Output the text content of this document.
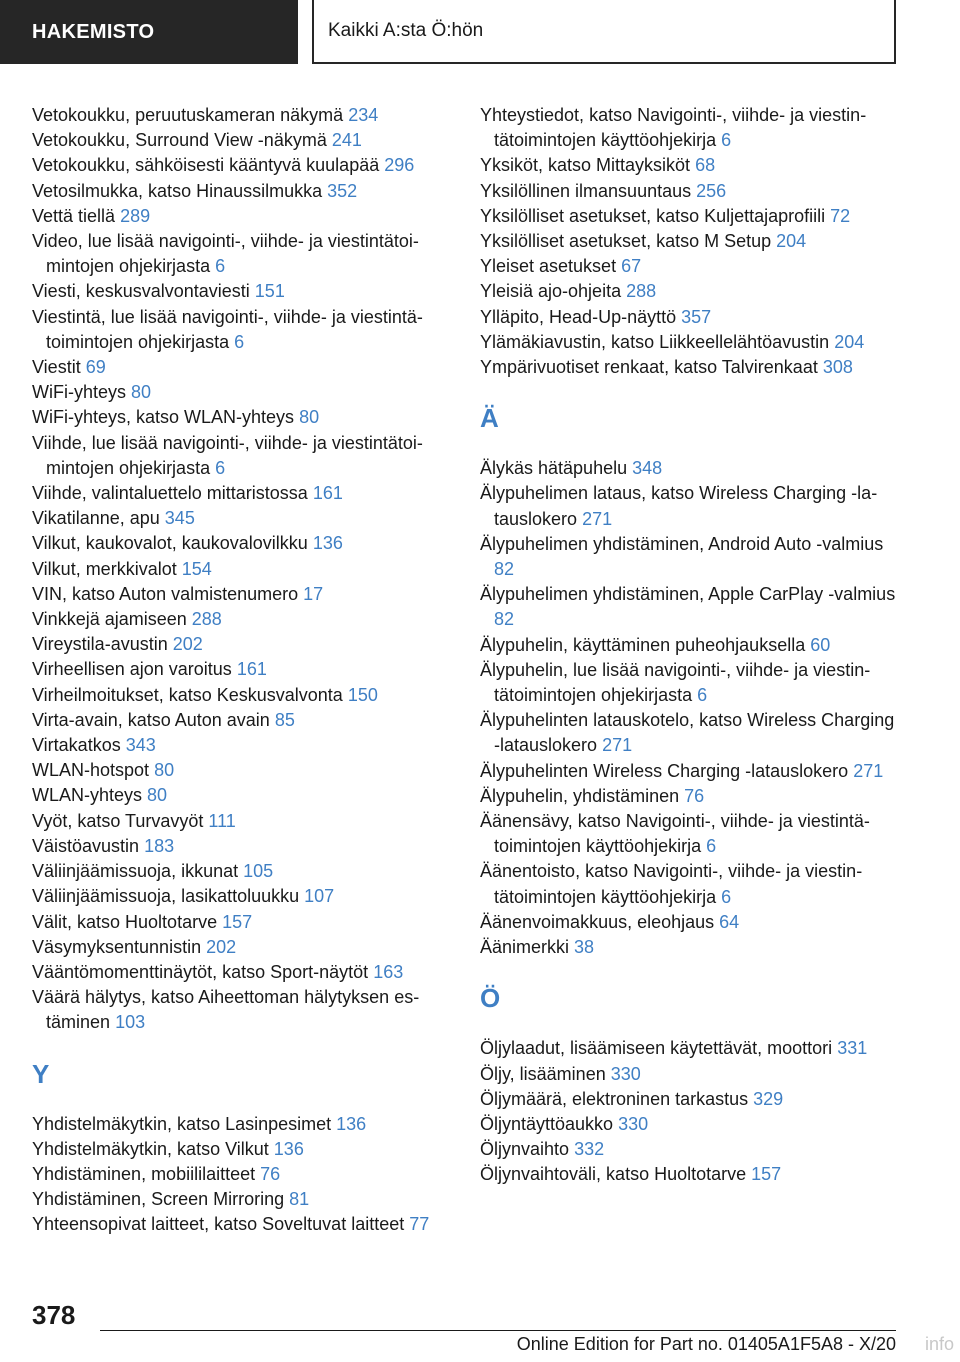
HAKEMISTO	Kaikki A:sta Ö:hön

Vetokoukku, peruutuskameran näkymä 234

Vetokoukku, Surround View ‑näkymä 241

Vetokoukku, sähköisesti kääntyvä kuulapää 296

Vetosilmukka, katso Hinaussilmukka 352

Vettä tiellä 289

Video, lue lisää navigointi-, viihde- ja viestintätoimintojen ohjekirjasta 6

Viesti, keskusvalvontaviesti 151

Viestintä, lue lisää navigointi-, viihde- ja viestintätoimintojen ohjekirjasta 6

Viestit 69

WiFi-yhteys 80

WiFi-yhteys, katso WLAN-yhteys 80

Viihde, lue lisää navigointi-, viihde- ja viestintätoimintojen ohjekirjasta 6

Viihde, valintaluettelo mittaristossa 161

Vikatilanne, apu 345

Vilkut, kaukovalot, kaukovalovilkku 136

Vilkut, merkkivalot 154

VIN, katso Auton valmistenumero 17

Vinkkejä ajamiseen 288

Vireystila-avustin 202

Virheellisen ajon varoitus 161

Virheilmoitukset, katso Keskusvalvonta 150

Virta-avain, katso Auton avain 85

Virtakatkos 343

WLAN-hotspot 80

WLAN-yhteys 80

Vyöt, katso Turvavyöt 111

Väistöavustin 183

Väliinjäämissuoja, ikkunat 105

Väliinjäämissuoja, lasikattoluukku 107

Välit, katso Huoltotarve 157

Väsymyksentunnistin 202

Vääntömomenttinäytöt, katso Sport-näytöt 163

Väärä hälytys, katso Aiheettoman hälytyksen estäminen 103

Y

Yhdistelmäkytkin, katso Lasinpesimet 136

Yhdistelmäkytkin, katso Vilkut 136

Yhdistäminen, mobiililaitteet 76

Yhdistäminen, Screen Mirroring 81

Yhteensopivat laitteet, katso Soveltuvat laitteet 77

Yhteystiedot, katso Navigointi-, viihde- ja viestintätoimintojen käyttöohjekirja 6

Yksiköt, katso Mittayksiköt 68

Yksilöllinen ilmansuuntaus 256

Yksilölliset asetukset, katso Kuljettajaprofiili 72

Yksilölliset asetukset, katso M Setup 204

Yleiset asetukset 67

Yleisiä ajo-ohjeita 288

Ylläpito, Head-Up-näyttö 357

Ylämäkiavustin, katso Liikkeellelähtöavustin 204

Ympärivuotiset renkaat, katso Talvirenkaat 308

Ä

Älykäs hätäpuhelu 348

Älypuhelimen lataus, katso Wireless Charging ‑latauslokero 271

Älypuhelimen yhdistäminen, Android Auto ‑valmius 82

Älypuhelimen yhdistäminen, Apple CarPlay ‑valmius 82

Älypuhelin, käyttäminen puheohjauksella 60

Älypuhelin, lue lisää navigointi-, viihde- ja viestintätoimintojen ohjekirjasta 6

Älypuhelinten latauskotelo, katso Wireless Charging ‑latauslokero 271

Älypuhelinten Wireless Charging ‑latauslokero 271

Älypuhelin, yhdistäminen 76

Äänensävy, katso Navigointi-, viihde- ja viestintätoimintojen käyttöohjekirja 6

Äänentoisto, katso Navigointi-, viihde- ja viestintätoimintojen käyttöohjekirja 6

Äänenvoimakkuus, eleohjaus 64

Äänimerkki 38

Ö

Öljylaadut, lisäämiseen käytettävät, moottori 331

Öljy, lisääminen 330

Öljymäärä, elektroninen tarkastus 329

Öljyntäyttöaukko 330

Öljynvaihto 332

Öljynvaihtoväli, katso Huoltotarve 157

378
Online Edition for Part no. 01405A1F5A8 - X/20 info
